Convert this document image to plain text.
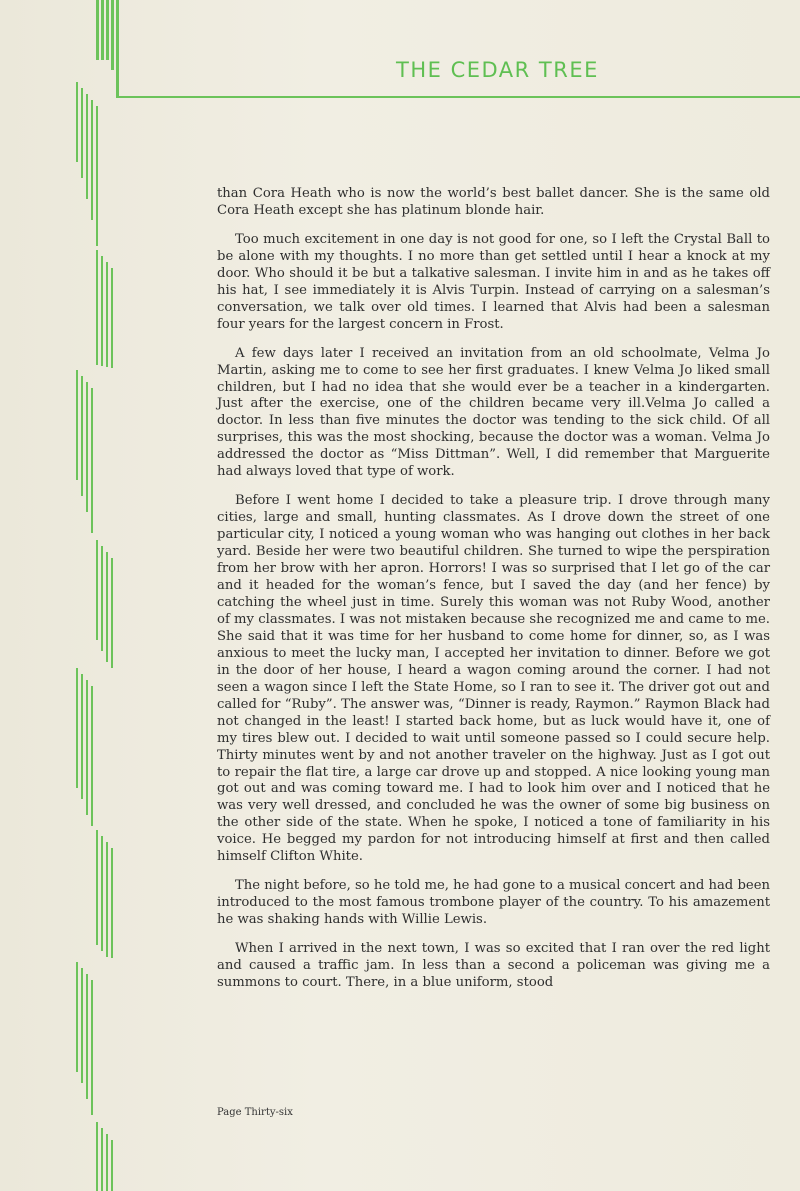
THE CEDAR TREE

than Cora Heath who is now the world’s best ballet dancer. She is the same old Cora Heath except she has platinum blonde hair.

Too much excitement in one day is not good for one, so I left the Crystal Ball to be alone with my thoughts. I no more than get settled until I hear a knock at my door. Who should it be but a talkative salesman. I invite him in and as he takes off his hat, I see immediately it is Alvis Turpin. Instead of carrying on a salesman’s conversation, we talk over old times. I learned that Alvis had been a salesman four years for the largest concern in Frost.

A few days later I received an invitation from an old schoolmate, Velma Jo Martin, asking me to come to see her first graduates. I knew Velma Jo liked small children, but I had no idea that she would ever be a teacher in a kindergarten. Just after the exercise, one of the children became very ill.Velma Jo called a doctor. In less than five minutes the doctor was tending to the sick child. Of all surprises, this was the most shocking, because the doctor was a woman. Velma Jo addressed the doctor as “Miss Dittman”. Well, I did remember that Marguerite had always loved that type of work.

Before I went home I decided to take a pleasure trip. I drove through many cities, large and small, hunting classmates. As I drove down the street of one particular city, I noticed a young woman who was hanging out clothes in her back yard. Beside her were two beautiful children. She turned to wipe the perspiration from her brow with her apron. Horrors! I was so surprised that I let go of the car and it headed for the woman’s fence, but I saved the day (and her fence) by catching the wheel just in time. Surely this woman was not Ruby Wood, another of my classmates. I was not mistaken because she recognized me and came to me. She said that it was time for her husband to come home for dinner, so, as I was anxious to meet the lucky man, I accepted her invitation to dinner. Before we got in the door of her house, I heard a wagon coming around the corner. I had not seen a wagon since I left the State Home, so I ran to see it. The driver got out and called for “Ruby”. The answer was, “Dinner is ready, Raymon.” Raymon Black had not changed in the least! I started back home, but as luck would have it, one of my tires blew out. I decided to wait until someone passed so I could secure help. Thirty minutes went by and not another traveler on the highway. Just as I got out to repair the flat tire, a large car drove up and stopped. A nice looking young man got out and was coming toward me. I had to look him over and I noticed that he was very well dressed, and concluded he was the owner of some big business on the other side of the state. When he spoke, I noticed a tone of familiarity in his voice. He begged my pardon for not introducing himself at first and then called himself Clifton White.

The night before, so he told me, he had gone to a musical concert and had been introduced to the most famous trombone player of the country. To his amazement he was shaking hands with Willie Lewis.

When I arrived in the next town, I was so excited that I ran over the red light and caused a traffic jam. In less than a second a policeman was giving me a summons to court. There, in a blue uniform, stood

Page Thirty-six
